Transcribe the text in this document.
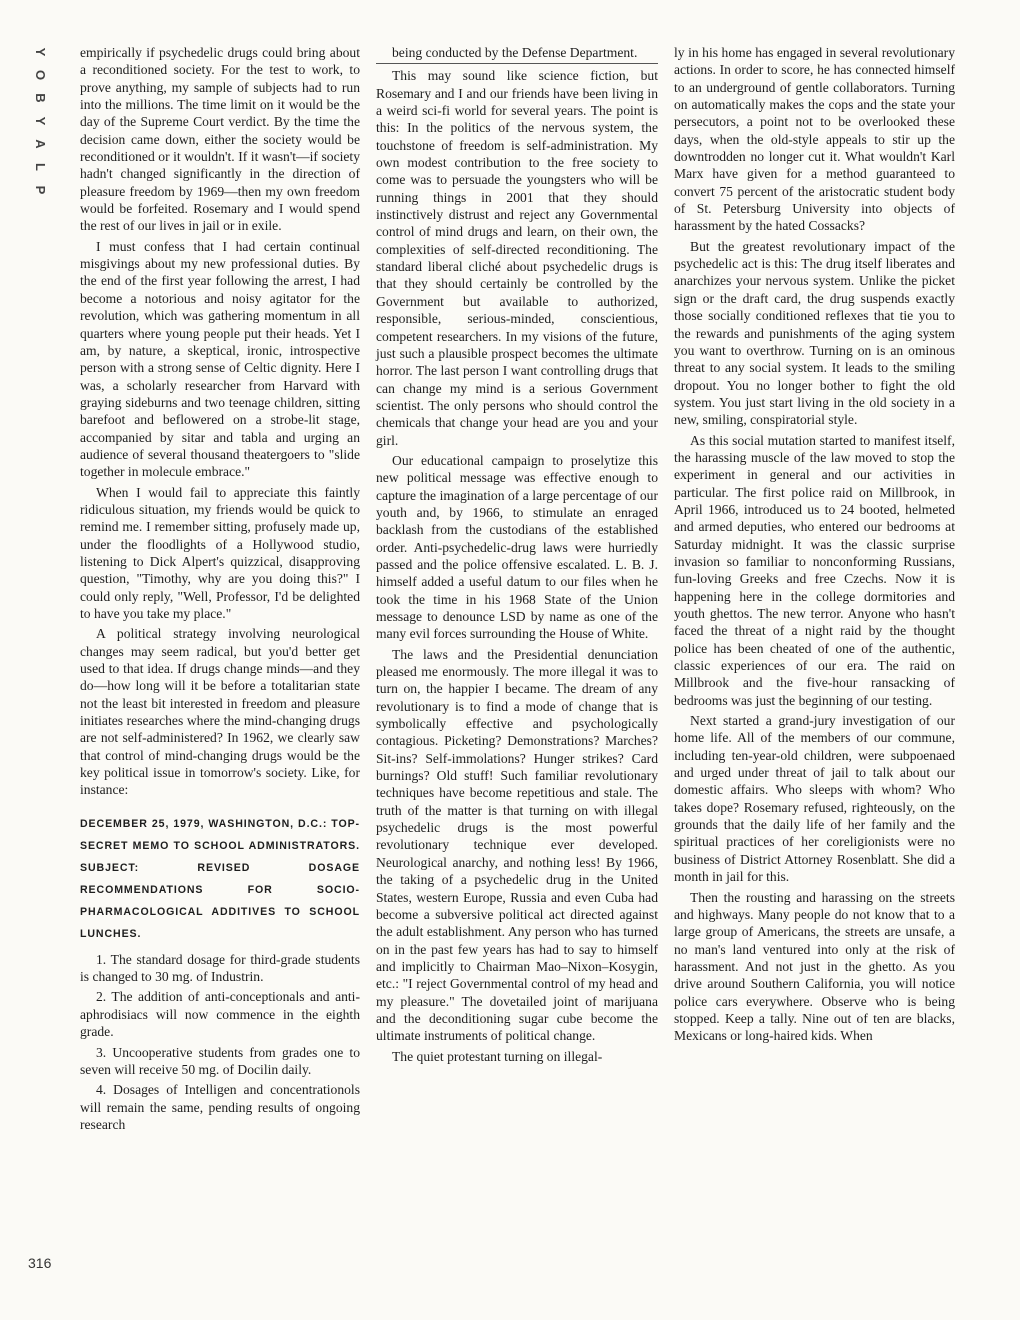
Y
O
B
Y
A
L
P
316

empirically if psychedelic drugs could bring about a reconditioned society. For the test to work, to prove anything, my sample of subjects had to run into the millions. The time limit on it would be the day of the Supreme Court verdict. By the time the decision came down, either the society would be reconditioned or it wouldn't. If it wasn't—if society hadn't changed significantly in the direction of pleasure freedom by 1969—then my own freedom would be forfeited. Rosemary and I would spend the rest of our lives in jail or in exile.

I must confess that I had certain continual misgivings about my new professional duties. By the end of the first year following the arrest, I had become a notorious and noisy agitator for the revolution, which was gathering momentum in all quarters where young people put their heads. Yet I am, by nature, a skeptical, ironic, introspective person with a strong sense of Celtic dignity. Here I was, a scholarly researcher from Harvard with graying sideburns and two teenage children, sitting barefoot and beflowered on a strobe-lit stage, accompanied by sitar and tabla and urging an audience of several thousand theatergoers to "slide together in molecule embrace."

When I would fail to appreciate this faintly ridiculous situation, my friends would be quick to remind me. I remember sitting, profusely made up, under the floodlights of a Hollywood studio, listening to Dick Alpert's quizzical, disapproving question, "Timothy, why are you doing this?" I could only reply, "Well, Professor, I'd be delighted to have you take my place."

A political strategy involving neurological changes may seem radical, but you'd better get used to that idea. If drugs change minds—and they do—how long will it be before a totalitarian state not the least bit interested in freedom and pleasure initiates researches where the mind-changing drugs are not self-administered? In 1962, we clearly saw that control of mind-changing drugs would be the key political issue in tomorrow's society. Like, for instance:

DECEMBER 25, 1979, WASHINGTON, D.C.: TOP-SECRET MEMO TO SCHOOL ADMINISTRATORS. SUBJECT: REVISED DOSAGE RECOMMENDATIONS FOR SOCIO-PHARMACOLOGICAL ADDITIVES TO SCHOOL LUNCHES.

1. The standard dosage for third-grade students is changed to 30 mg. of Industrin.

2. The addition of anti-conceptionals and anti-aphrodisiacs will now commence in the eighth grade.

3. Uncooperative students from grades one to seven will receive 50 mg. of Docilin daily.

4. Dosages of Intelligen and concentrationols will remain the same, pending results of ongoing research

being conducted by the Defense Department.

This may sound like science fiction, but Rosemary and I and our friends have been living in a weird sci-fi world for several years. The point is this: In the politics of the nervous system, the touchstone of freedom is self-administration. My own modest contribution to the free society to come was to persuade the youngsters who will be running things in 2001 that they should instinctively distrust and reject any Governmental control of mind drugs and learn, on their own, the complexities of self-directed reconditioning. The standard liberal cliché about psychedelic drugs is that they should certainly be controlled by the Government but available to authorized, responsible, serious-minded, conscientious, competent researchers. In my visions of the future, just such a plausible prospect becomes the ultimate horror. The last person I want controlling drugs that can change my mind is a serious Government scientist. The only persons who should control the chemicals that change your head are you and your girl.

Our educational campaign to proselytize this new political message was effective enough to capture the imagination of a large percentage of our youth and, by 1966, to stimulate an enraged backlash from the custodians of the established order. Anti-psychedelic-drug laws were hurriedly passed and the police offensive escalated. L. B. J. himself added a useful datum to our files when he took the time in his 1968 State of the Union message to denounce LSD by name as one of the many evil forces surrounding the House of White.

The laws and the Presidential denunciation pleased me enormously. The more illegal it was to turn on, the happier I became. The dream of any revolutionary is to find a mode of change that is symbolically effective and psychologically contagious. Picketing? Demonstrations? Marches? Sit-ins? Self-immolations? Hunger strikes? Card burnings? Old stuff! Such familiar revolutionary techniques have become repetitious and stale. The truth of the matter is that turning on with illegal psychedelic drugs is the most powerful revolutionary technique ever developed. Neurological anarchy, and nothing less! By 1966, the taking of a psychedelic drug in the United States, western Europe, Russia and even Cuba had become a subversive political act directed against the adult establishment. Any person who has turned on in the past few years has had to say to himself and implicitly to Chairman Mao–Nixon–Kosygin, etc.: "I reject Governmental control of my head and my pleasure." The dovetailed joint of marijuana and the deconditioning sugar cube become the ultimate instruments of political change.

The quiet protestant turning on illegal-

ly in his home has engaged in several revolutionary actions. In order to score, he has connected himself to an underground of gentle collaborators. Turning on automatically makes the cops and the state your persecutors, a point not to be overlooked these days, when the old-style appeals to stir up the downtrodden no longer cut it. What wouldn't Karl Marx have given for a method guaranteed to convert 75 percent of the aristocratic student body of St. Petersburg University into objects of harassment by the hated Cossacks?

But the greatest revolutionary impact of the psychedelic act is this: The drug itself liberates and anarchizes your nervous system. Unlike the picket sign or the draft card, the drug suspends exactly those socially conditioned reflexes that tie you to the rewards and punishments of the aging system you want to overthrow. Turning on is an ominous threat to any social system. It leads to the smiling dropout. You no longer bother to fight the old system. You just start living in the old society in a new, smiling, conspiratorial style.

As this social mutation started to manifest itself, the harassing muscle of the law moved to stop the experiment in general and our activities in particular. The first police raid on Millbrook, in April 1966, introduced us to 24 booted, helmeted and armed deputies, who entered our bedrooms at Saturday midnight. It was the classic surprise invasion so familiar to nonconforming Russians, fun-loving Greeks and free Czechs. Now it is happening here in the college dormitories and youth ghettos. The new terror. Anyone who hasn't faced the threat of a night raid by the thought police has been cheated of one of the authentic, classic experiences of our era. The raid on Millbrook and the five-hour ransacking of bedrooms was just the beginning of our testing.

Next started a grand-jury investigation of our home life. All of the members of our commune, including ten-year-old children, were subpoenaed and urged under threat of jail to talk about our domestic affairs. Who sleeps with whom? Who takes dope? Rosemary refused, righteously, on the grounds that the daily life of her family and the spiritual practices of her coreligionists were no business of District Attorney Rosenblatt. She did a month in jail for this.

Then the rousting and harassing on the streets and highways. Many people do not know that to a large group of Americans, the streets are unsafe, a no man's land ventured into only at the risk of harassment. And not just in the ghetto. As you drive around Southern California, you will notice police cars everywhere. Observe who is being stopped. Keep a tally. Nine out of ten are blacks, Mexicans or long-haired kids. When
